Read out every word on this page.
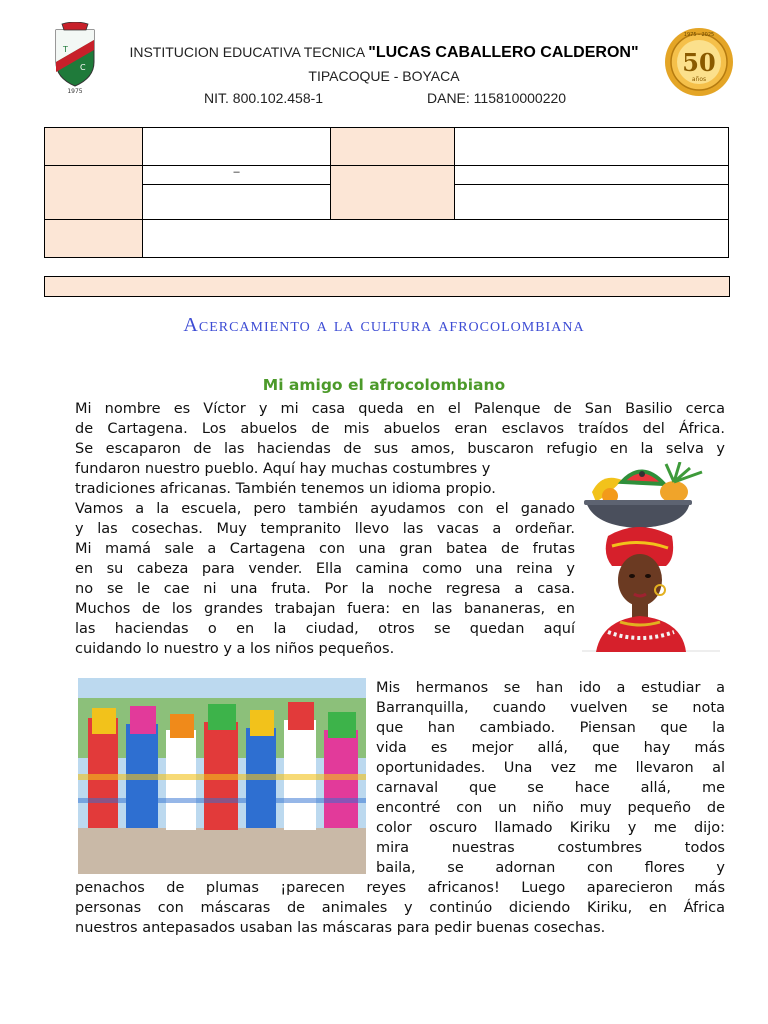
T
C
1975
1975 - 2025
50
años
INSTITUCION EDUCATIVA TECNICA "LUCAS CABALLERO CALDERON"
TIPACOQUE - BOYACA
NIT. 800.102.458-1	DANE: 115810000220

	–		

Acercamiento a la cultura afrocolombiana
Mi amigo el afrocolombiano
Mi nombre es Víctor y mi casa queda en el Palenque de San Basilio cerca
de Cartagena. Los abuelos de mis abuelos eran esclavos traídos del África.
Se escaparon de las haciendas de sus amos, buscaron refugio en la selva y
fundaron nuestro pueblo. Aquí hay muchas costumbres y
tradiciones africanas. También tenemos un idioma propio.
Vamos a la escuela, pero también ayudamos con el ganado
y las cosechas. Muy tempranito llevo las vacas a ordeñar.
Mi mamá sale a Cartagena con una gran batea de frutas
en su cabeza para vender. Ella camina como una reina y
no se le cae ni una fruta. Por la noche regresa a casa.
Muchos de los grandes trabajan fuera: en las bananeras, en
las haciendas o en la ciudad, otros se quedan aquí
cuidando lo nuestro y a los niños pequeños.
Mis hermanos se han ido a estudiar a
Barranquilla, cuando vuelven se nota
que han cambiado. Piensan que la
vida es mejor allá, que hay más
oportunidades. Una vez me llevaron al
carnaval que se hace allá, me
encontré con un niño muy pequeño de
color oscuro llamado Kiriku y me dijo:
mira nuestras costumbres todos
baila, se adornan con flores y
penachos de plumas ¡parecen reyes africanos! Luego aparecieron más
personas con máscaras de animales y continúo diciendo Kiriku, en África
nuestros antepasados usaban las máscaras para pedir buenas cosechas.
